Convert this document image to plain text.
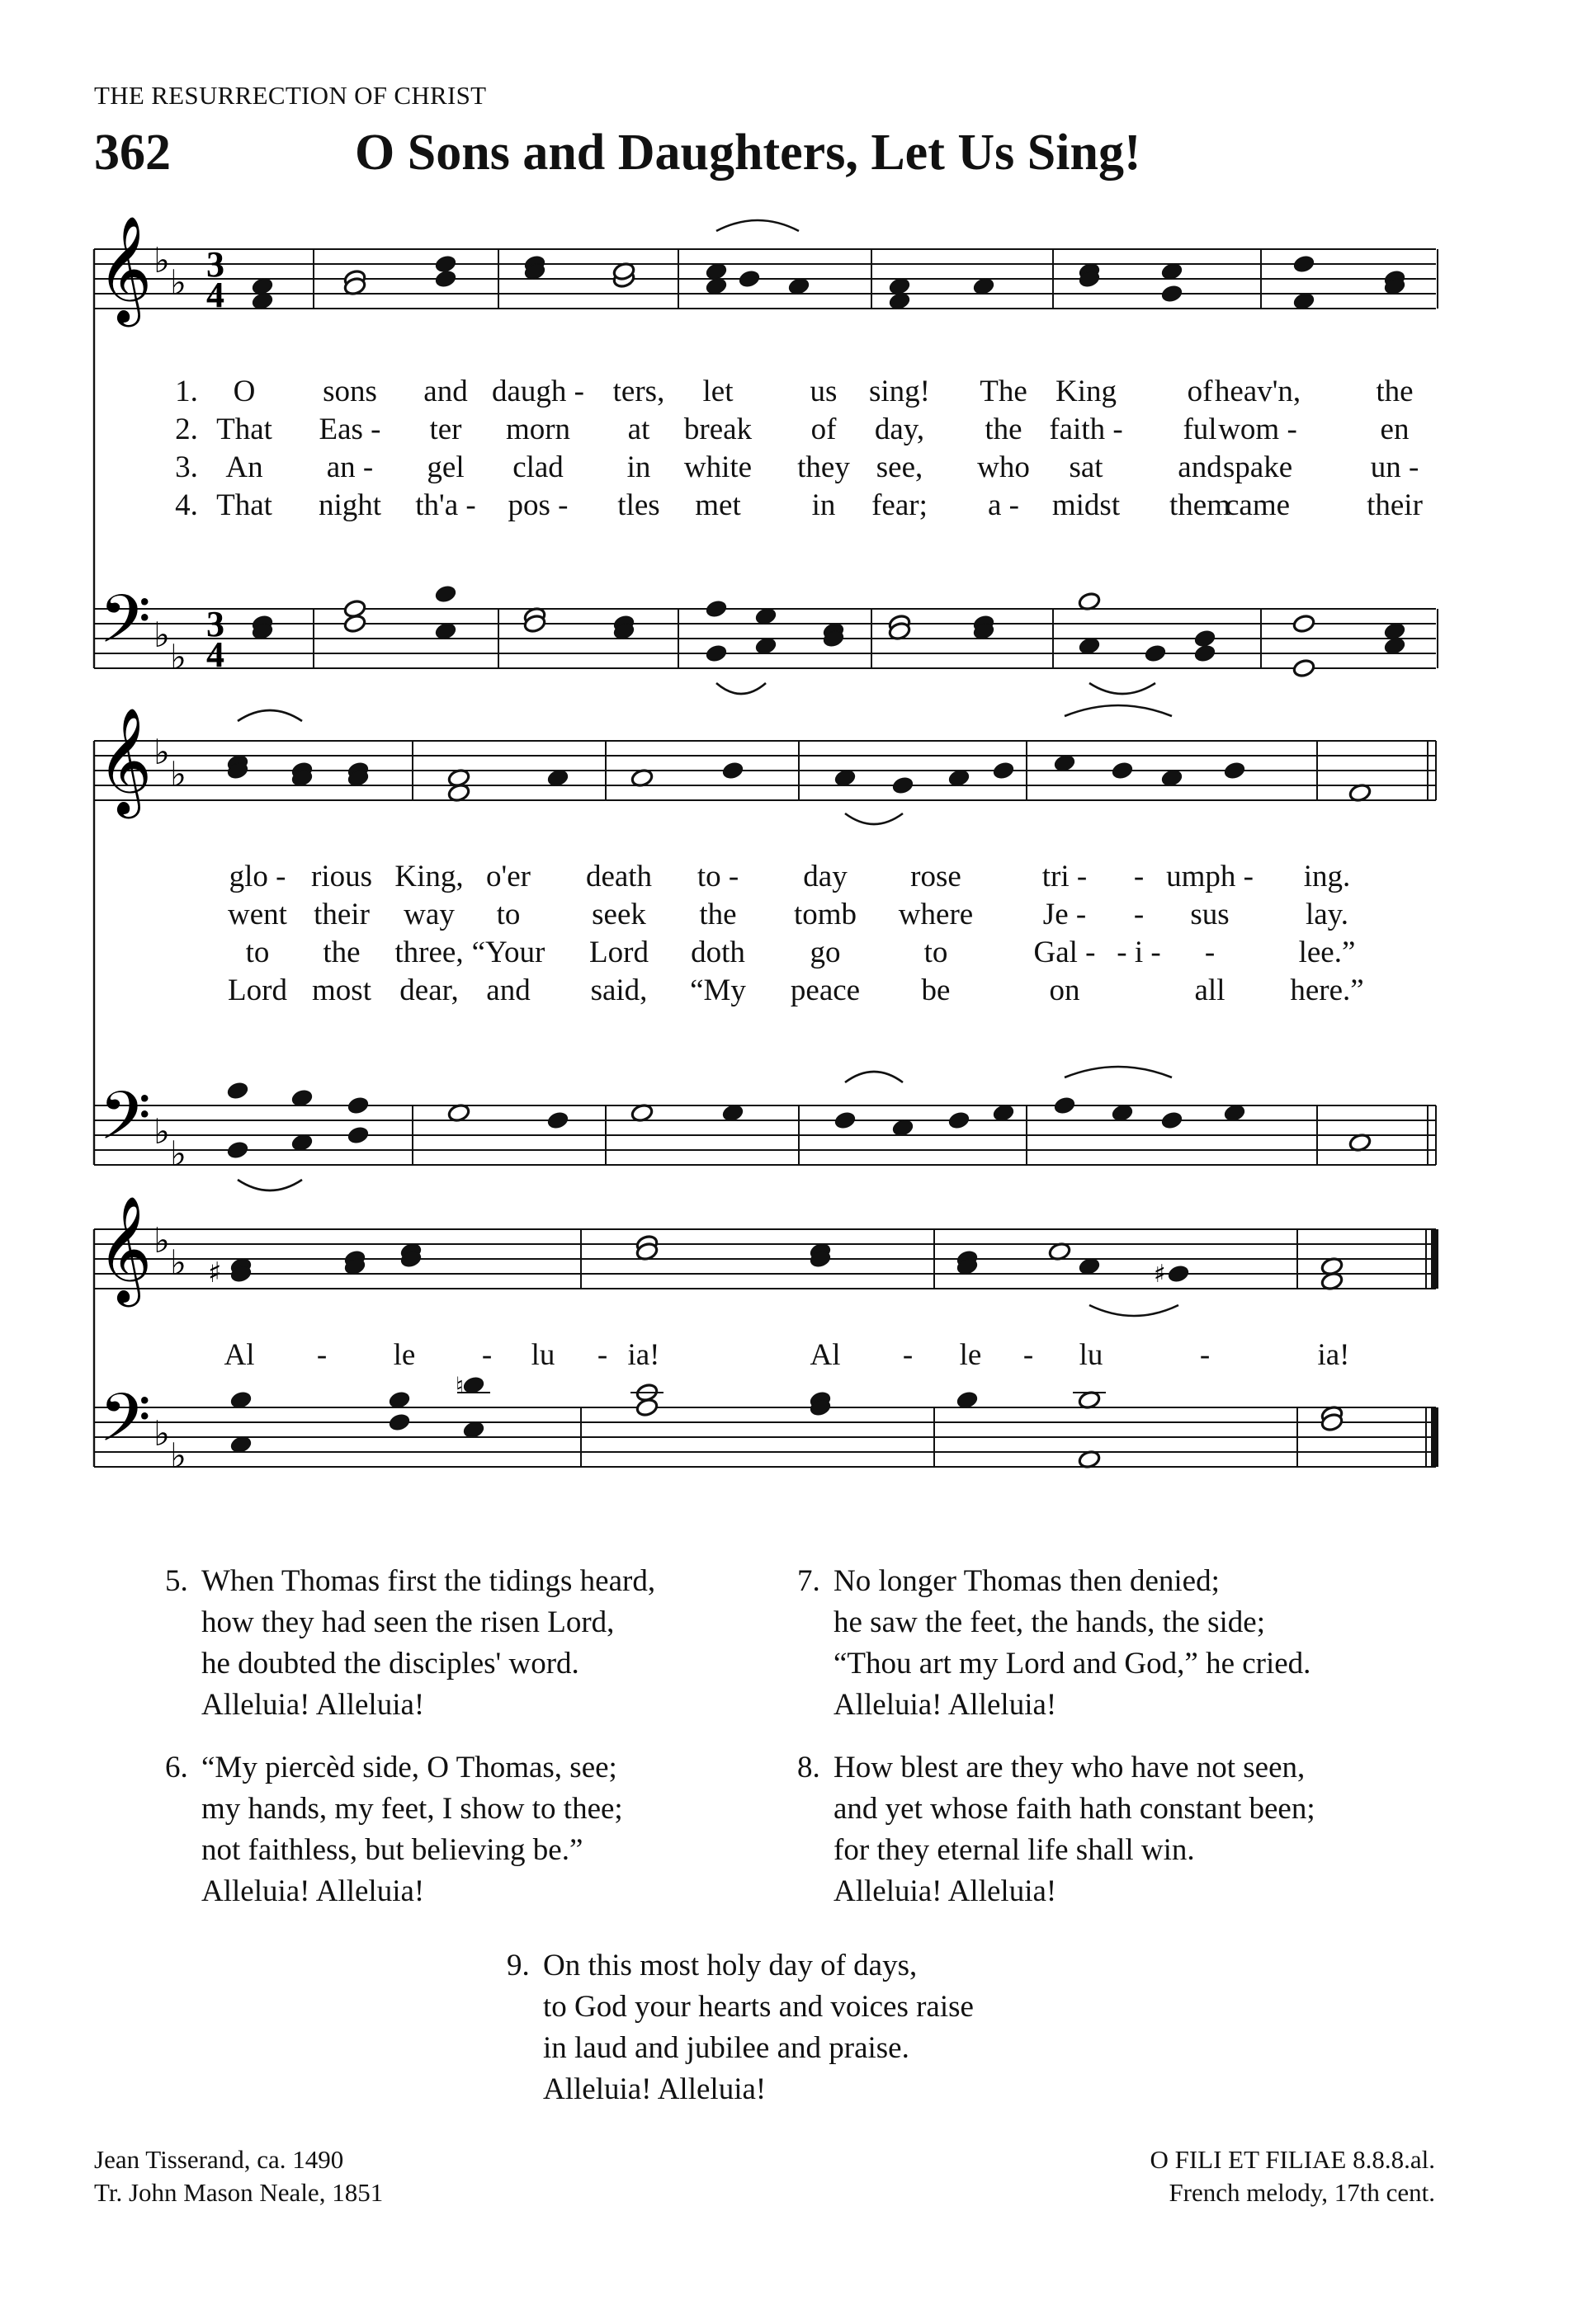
THE RESURRECTION OF CHRIST
362	O Sons and Daughters, Let Us Sing!
𝄞
𝄢
♭
♭
♭
♭
3
4
3
4
1.
2.
3.
4.
O sons and daugh - ters, let	us sing! The King of heav'n, the
That Eas - ter morn at break of day, the faith - ful wom -	en
An an - gel clad in white they see, who sat and spake	un -
That night th'a - pos - tles met in fear; a - midst them
came	their
𝄞
𝄢
♭
♭
♭
♭
glo - rious King, o'er death to - day rose	tri - - umph - ing.
went their way to seek the tomb where Je - - sus lay.
to the three, “Your Lord doth go	to	Gal - - i - -	lee.”
Lord most dear, and said, “My peace be	on	all here.”
𝄞
𝄢
♭
♭
♭
♭
♯	♯
♮
Al - le - lu - ia!	Al - le - lu	-	ia!
5. When Thomas first the tidings heard,
how they had seen the risen Lord,
he doubted the disciples' word.
Alleluia! Alleluia!
6. “My piercèd side, O Thomas, see;
my hands, my feet, I show to thee;
not faithless, but believing be.”
Alleluia! Alleluia!
7. No longer Thomas then denied;
he saw the feet, the hands, the side;
“Thou art my Lord and God,” he cried.
Alleluia! Alleluia!
8. How blest are they who have not seen,
and yet whose faith hath constant been;
for they eternal life shall win.
Alleluia! Alleluia!
9. On this most holy day of days,
to God your hearts and voices raise
in laud and jubilee and praise.
Alleluia! Alleluia!
Jean Tisserand, ca. 1490
Tr. John Mason Neale, 1851
O FILI ET FILIAE 8.8.8.al.
French melody, 17th cent.
